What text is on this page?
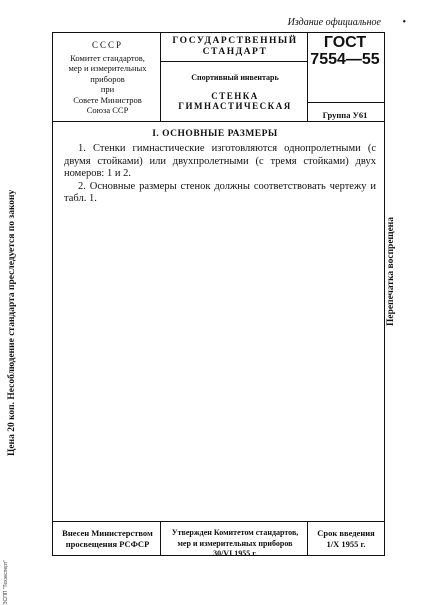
Издание официальное •
СССР
Комитет стандартов,
мер и измерительных
приборов
при
Совете Министров
Союза ССР
ГОСУДАРСТВЕННЫЙ
СТАНДАРТ
Спортивный инвентарь
СТЕНКА ГИМНАСТИЧЕСКАЯ
ГОСТ
7554—55
Группа У61
I. ОСНОВНЫЕ РАЗМЕРЫ

1. Стенки гимнастические изготовляются однопролетными (с двумя стойками) или двухпролетными (с тремя стойками) двух номеров: 1 и 2.

2. Основные размеры стенок должны соответствовать чертежу и табл. 1.

Цена 20 коп. Несоблюдение стандарта преследуется по закону	Перепечатка воспрещена
ЭСПП "Техэксперт"
Внесен Министерством
просвещения РСФСР
Утвержден Комитетом стандартов,
мер и измерительных приборов
30/VI 1955 г.
Срок введения
1/X 1955 г.
